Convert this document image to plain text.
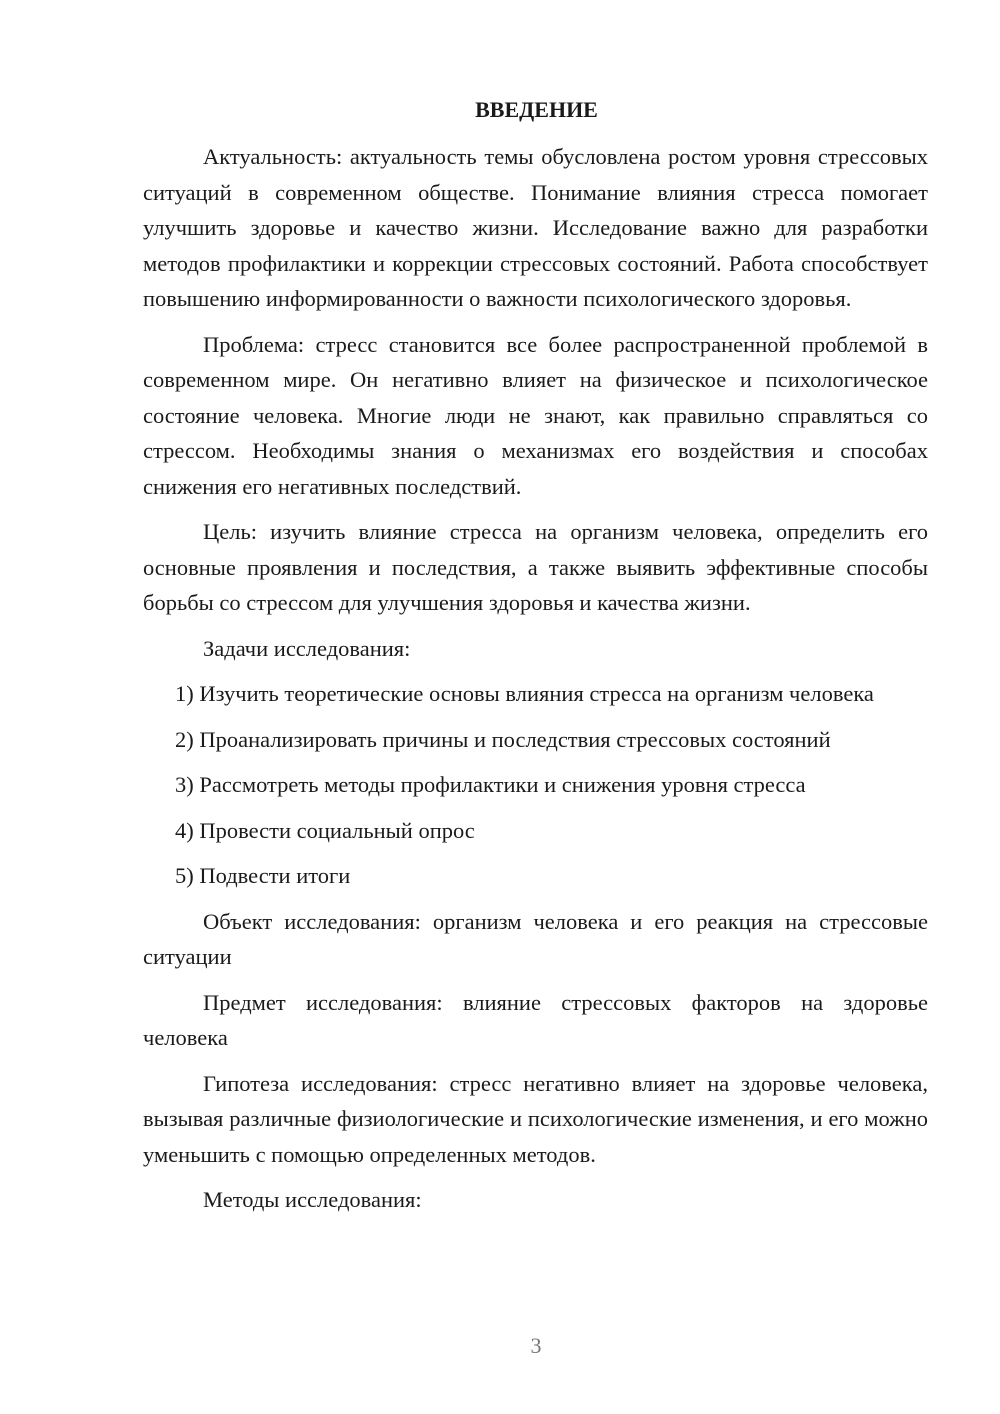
ВВЕДЕНИЕ

Актуальность: актуальность темы обусловлена ростом уровня стрессовых ситуаций в современном обществе. Понимание влияния стресса помогает улучшить здоровье и качество жизни. Исследование важно для разработки методов профилактики и коррекции стрессовых состояний. Работа способствует повышению информированности о важности психологического здоровья.

Проблема: стресс становится все более распространенной проблемой в современном мире. Он негативно влияет на физическое и психологическое состояние человека. Многие люди не знают, как правильно справляться со стрессом. Необходимы знания о механизмах его воздействия и способах снижения его негативных последствий.

Цель: изучить влияние стресса на организм человека, определить его основные проявления и последствия, а также выявить эффективные способы борьбы со стрессом для улучшения здоровья и качества жизни.

Задачи исследования:

1) Изучить теоретические основы влияния стресса на организм человека

2) Проанализировать причины и последствия стрессовых состояний

3) Рассмотреть методы профилактики и снижения уровня стресса

4) Провести социальный опрос

5) Подвести итоги

Объект исследования: организм человека и его реакция на стрессовые ситуации

Предмет исследования: влияние стрессовых факторов на здоровье человека

Гипотеза исследования: стресс негативно влияет на здоровье человека, вызывая различные физиологические и психологические изменения, и его можно уменьшить с помощью определенных методов.

Методы исследования:

3
